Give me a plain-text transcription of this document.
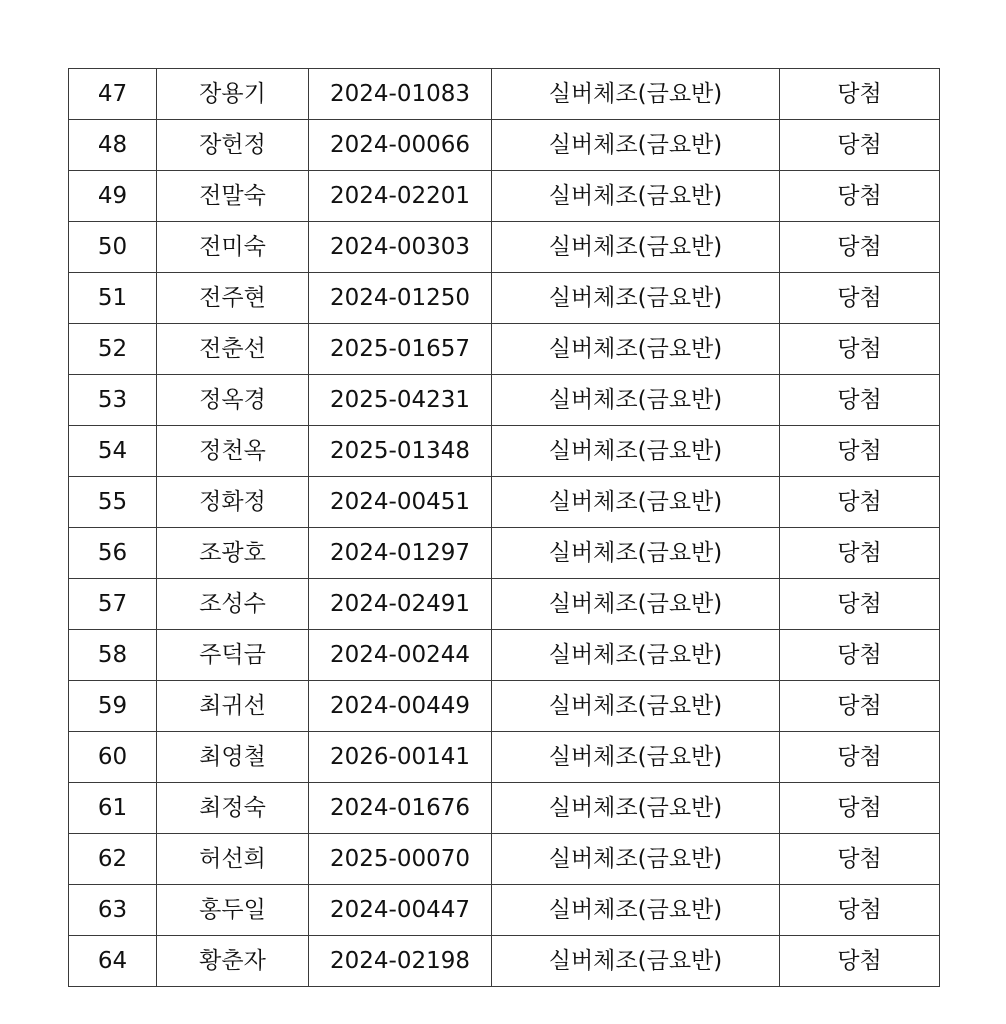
47	장용기	2024-01083	실버체조(금요반)	당첨
48	장헌정	2024-00066	실버체조(금요반)	당첨
49	전말숙	2024-02201	실버체조(금요반)	당첨
50	전미숙	2024-00303	실버체조(금요반)	당첨
51	전주현	2024-01250	실버체조(금요반)	당첨
52	전춘선	2025-01657	실버체조(금요반)	당첨
53	정옥경	2025-04231	실버체조(금요반)	당첨
54	정천옥	2025-01348	실버체조(금요반)	당첨
55	정화정	2024-00451	실버체조(금요반)	당첨
56	조광호	2024-01297	실버체조(금요반)	당첨
57	조성수	2024-02491	실버체조(금요반)	당첨
58	주덕금	2024-00244	실버체조(금요반)	당첨
59	최귀선	2024-00449	실버체조(금요반)	당첨
60	최영철	2026-00141	실버체조(금요반)	당첨
61	최정숙	2024-01676	실버체조(금요반)	당첨
62	허선희	2025-00070	실버체조(금요반)	당첨
63	홍두일	2024-00447	실버체조(금요반)	당첨
64	황춘자	2024-02198	실버체조(금요반)	당첨
